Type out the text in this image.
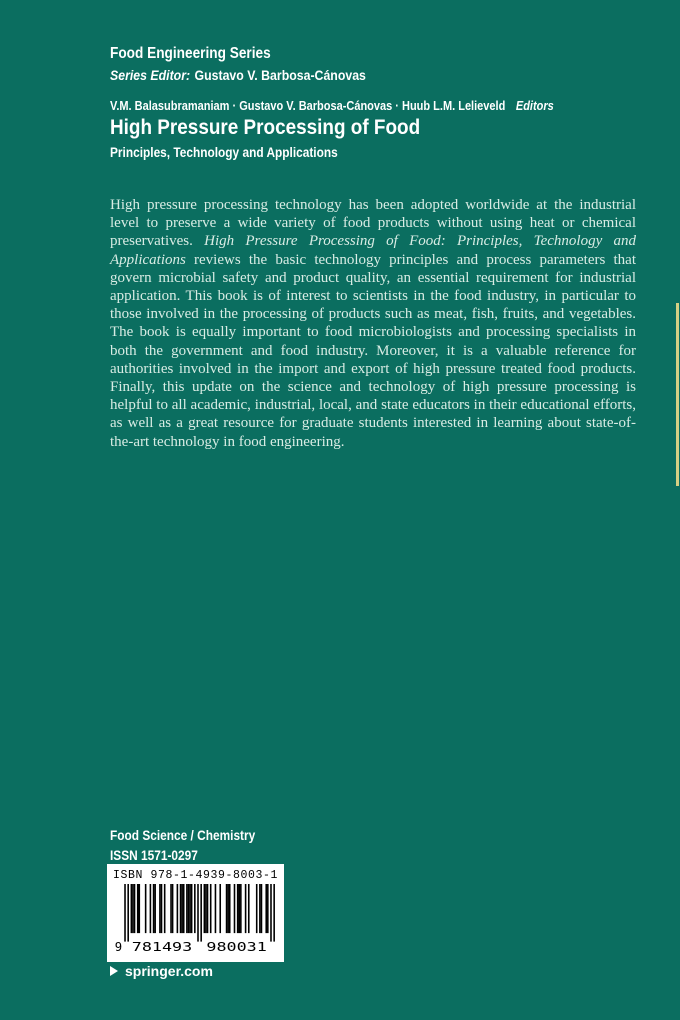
Food Engineering Series
Series Editor: Gustavo V. Barbosa-Cánovas
V.M. Balasubramaniam · Gustavo V. Barbosa-Cánovas · Huub L.M. Lelieveld Editors
High Pressure Processing of Food
Principles, Technology and Applications
High pressure processing technology has been adopted worldwide at the industrial level to preserve a wide variety of food products without using heat or chemical preservatives. High Pressure Processing of Food: Principles, Technology and Applications reviews the basic technology principles and process parameters that govern microbial safety and product quality, an essential requirement for industrial application. This book is of interest to scientists in the food industry, in particular to those involved in the processing of products such as meat, fish, fruits, and vegetables. The book is equally important to food microbiologists and processing specialists in both the government and food industry. Moreover, it is a valuable reference for authorities involved in the import and export of high pressure treated food products. Finally, this update on the science and technology of high pressure processing is helpful to all academic, industrial, local, and state educators in their educational efforts, as well as a great resource for graduate students interested in learning about state-of-the-art technology in food engineering.
Food Science / Chemistry
ISSN 1571-0297
ISBN 978-1-4939-8003-1
9 781493 980031
springer.com
